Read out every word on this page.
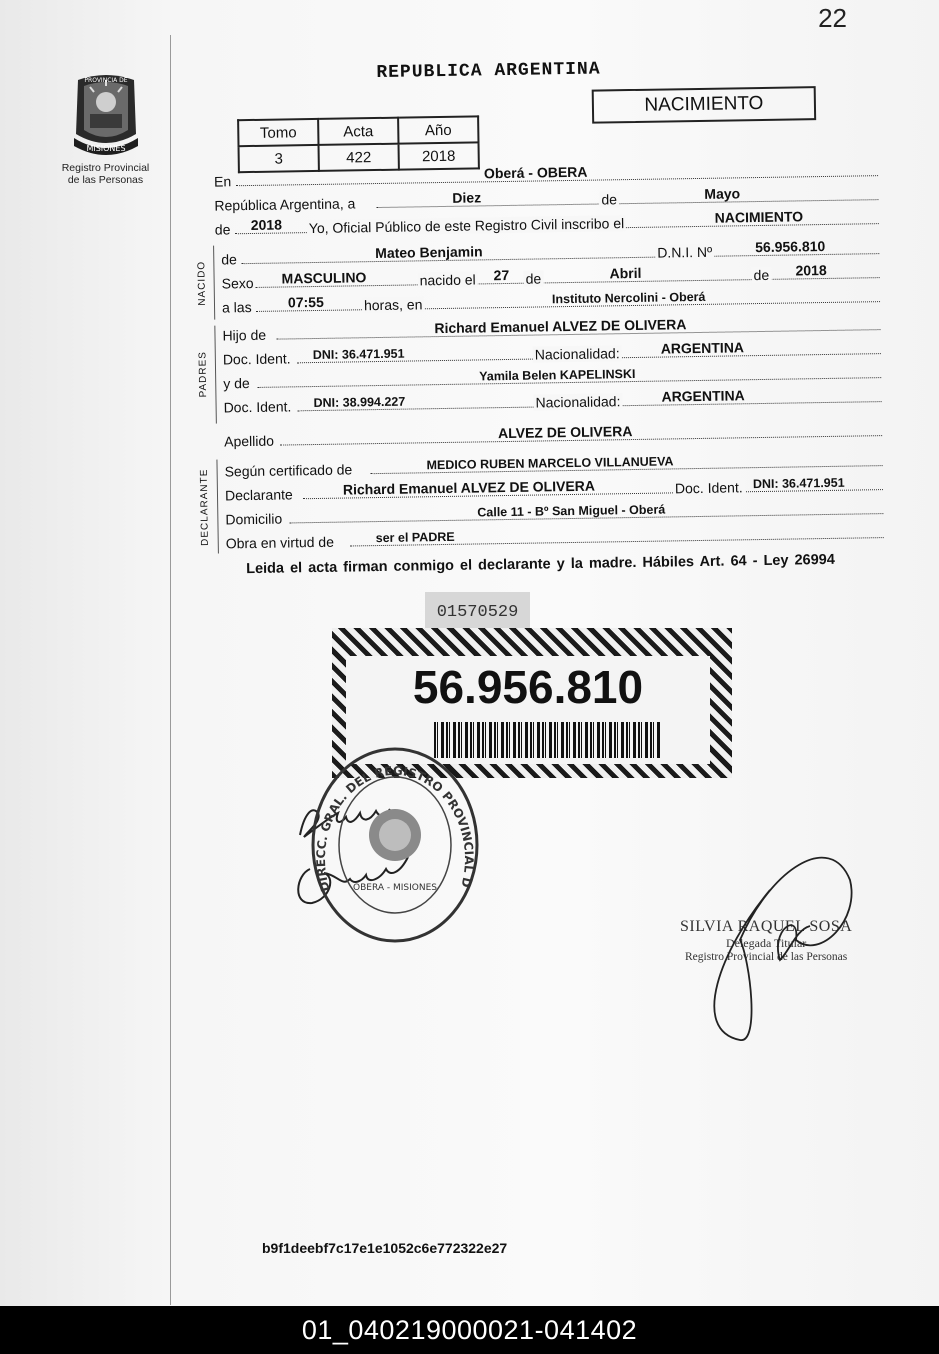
22
MISIONES
PROVINCIA DE
Registro Provincial
de las Personas
REPUBLICA ARGENTINA
NACIMIENTO
Tomo	Acta	Año
3	422	2018
En
Oberá - OBERA
República Argentina, a	de
Diez	Mayo
de 2018 Yo, Oficial Público de este Registro Civil inscribo el	NACIMIENTO
NACIDO
de	Mateo Benjamin	D.N.I. Nº	56.956.810
Sexo MASCULINO	nacido el 27 de	Abril	de 2018
a las	07:55	horas, en	Instituto Nercolini - Oberá
PADRES
Hijo de	Richard Emanuel ALVEZ DE OLIVERA
Doc. Ident. DNI: 36.471.951	Nacionalidad:	ARGENTINA
y de	Yamila Belen KAPELINSKI
Doc. Ident. DNI: 38.994.227	Nacionalidad:	ARGENTINA
Apellido	ALVEZ DE OLIVERA
DECLARANTE Según certificado de	MEDICO RUBEN MARCELO VILLANUEVA
Declarante	Richard Emanuel ALVEZ DE OLIVERA	Doc. Ident. DNI: 36.471.951
Domicilio	Calle 11 - Bº San Miguel - Oberá
Obra en virtud de	ser el PADRE
Leida el acta firman conmigo el declarante y la madre. Hábiles Art. 64 - Ley 26994
01570529
56.956.810
DIRECC. GRAL. DEL REGISTRO PROVINCIAL D
OBERA - MISIONES
SILVIA RAQUEL SOSA
Delegada Titular
Registro Provincial de las Personas
b9f1deebf7c17e1e1052c6e772322e27
01_040219000021-041402
